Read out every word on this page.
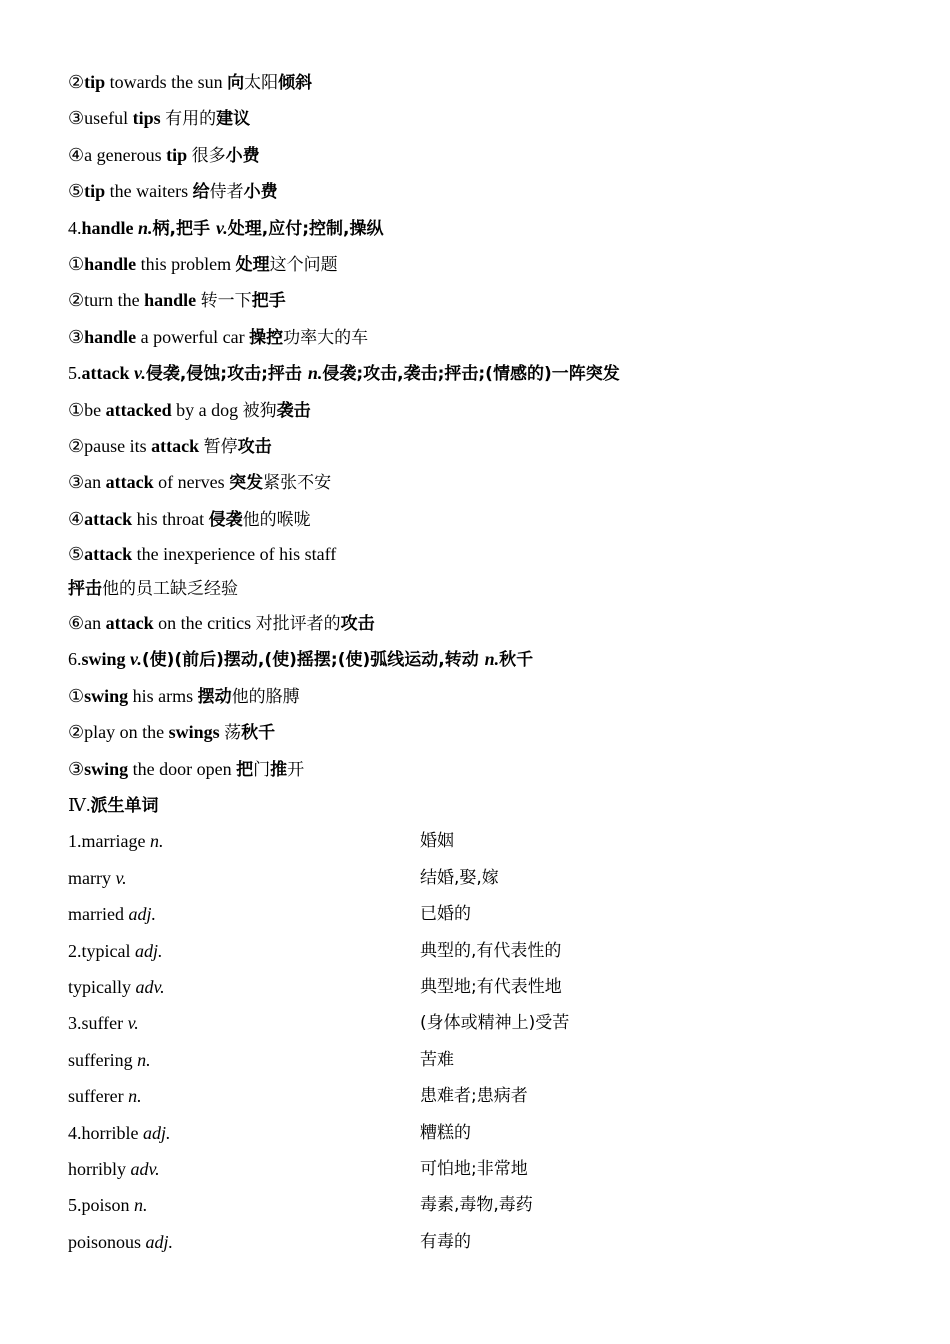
②tip towards the sun 向太阳倾斜
③useful tips 有用的建议
④a generous tip 很多小费
⑤tip the waiters 给侍者小费
4.handle n.柄,把手 v.处理,应付;控制,操纵
①handle this problem 处理这个问题
②turn the handle 转一下把手
③handle a powerful car 操控功率大的车
5.attack v.侵袭,侵蚀;攻击;抨击 n.侵袭;攻击,袭击;抨击;(情感的)一阵突发
①be attacked by a dog 被狗袭击
②pause its attack 暂停攻击
③an attack of nerves 突发紧张不安
④attack his throat 侵袭他的喉咙
⑤attack the inexperience of his staff
抨击他的员工缺乏经验
⑥an attack on the critics 对批评者的攻击
6.swing v.(使)(前后)摆动,(使)摇摆;(使)弧线运动,转动 n.秋千
①swing his arms 摆动他的胳膊
②play on the swings 荡秋千
③swing the door open 把门推开
Ⅳ.派生单词
1.marriage n.	婚姻
marry v.	结婚,娶,嫁
married adj.	已婚的
2.typical adj.	典型的,有代表性的
typically adv.	典型地;有代表性地
3.suffer v.	(身体或精神上)受苦
suffering n.	苦难
sufferer n.	患难者;患病者
4.horrible adj.	糟糕的
horribly adv.	可怕地;非常地
5.poison n.	毒素,毒物,毒药
poisonous adj.	有毒的
